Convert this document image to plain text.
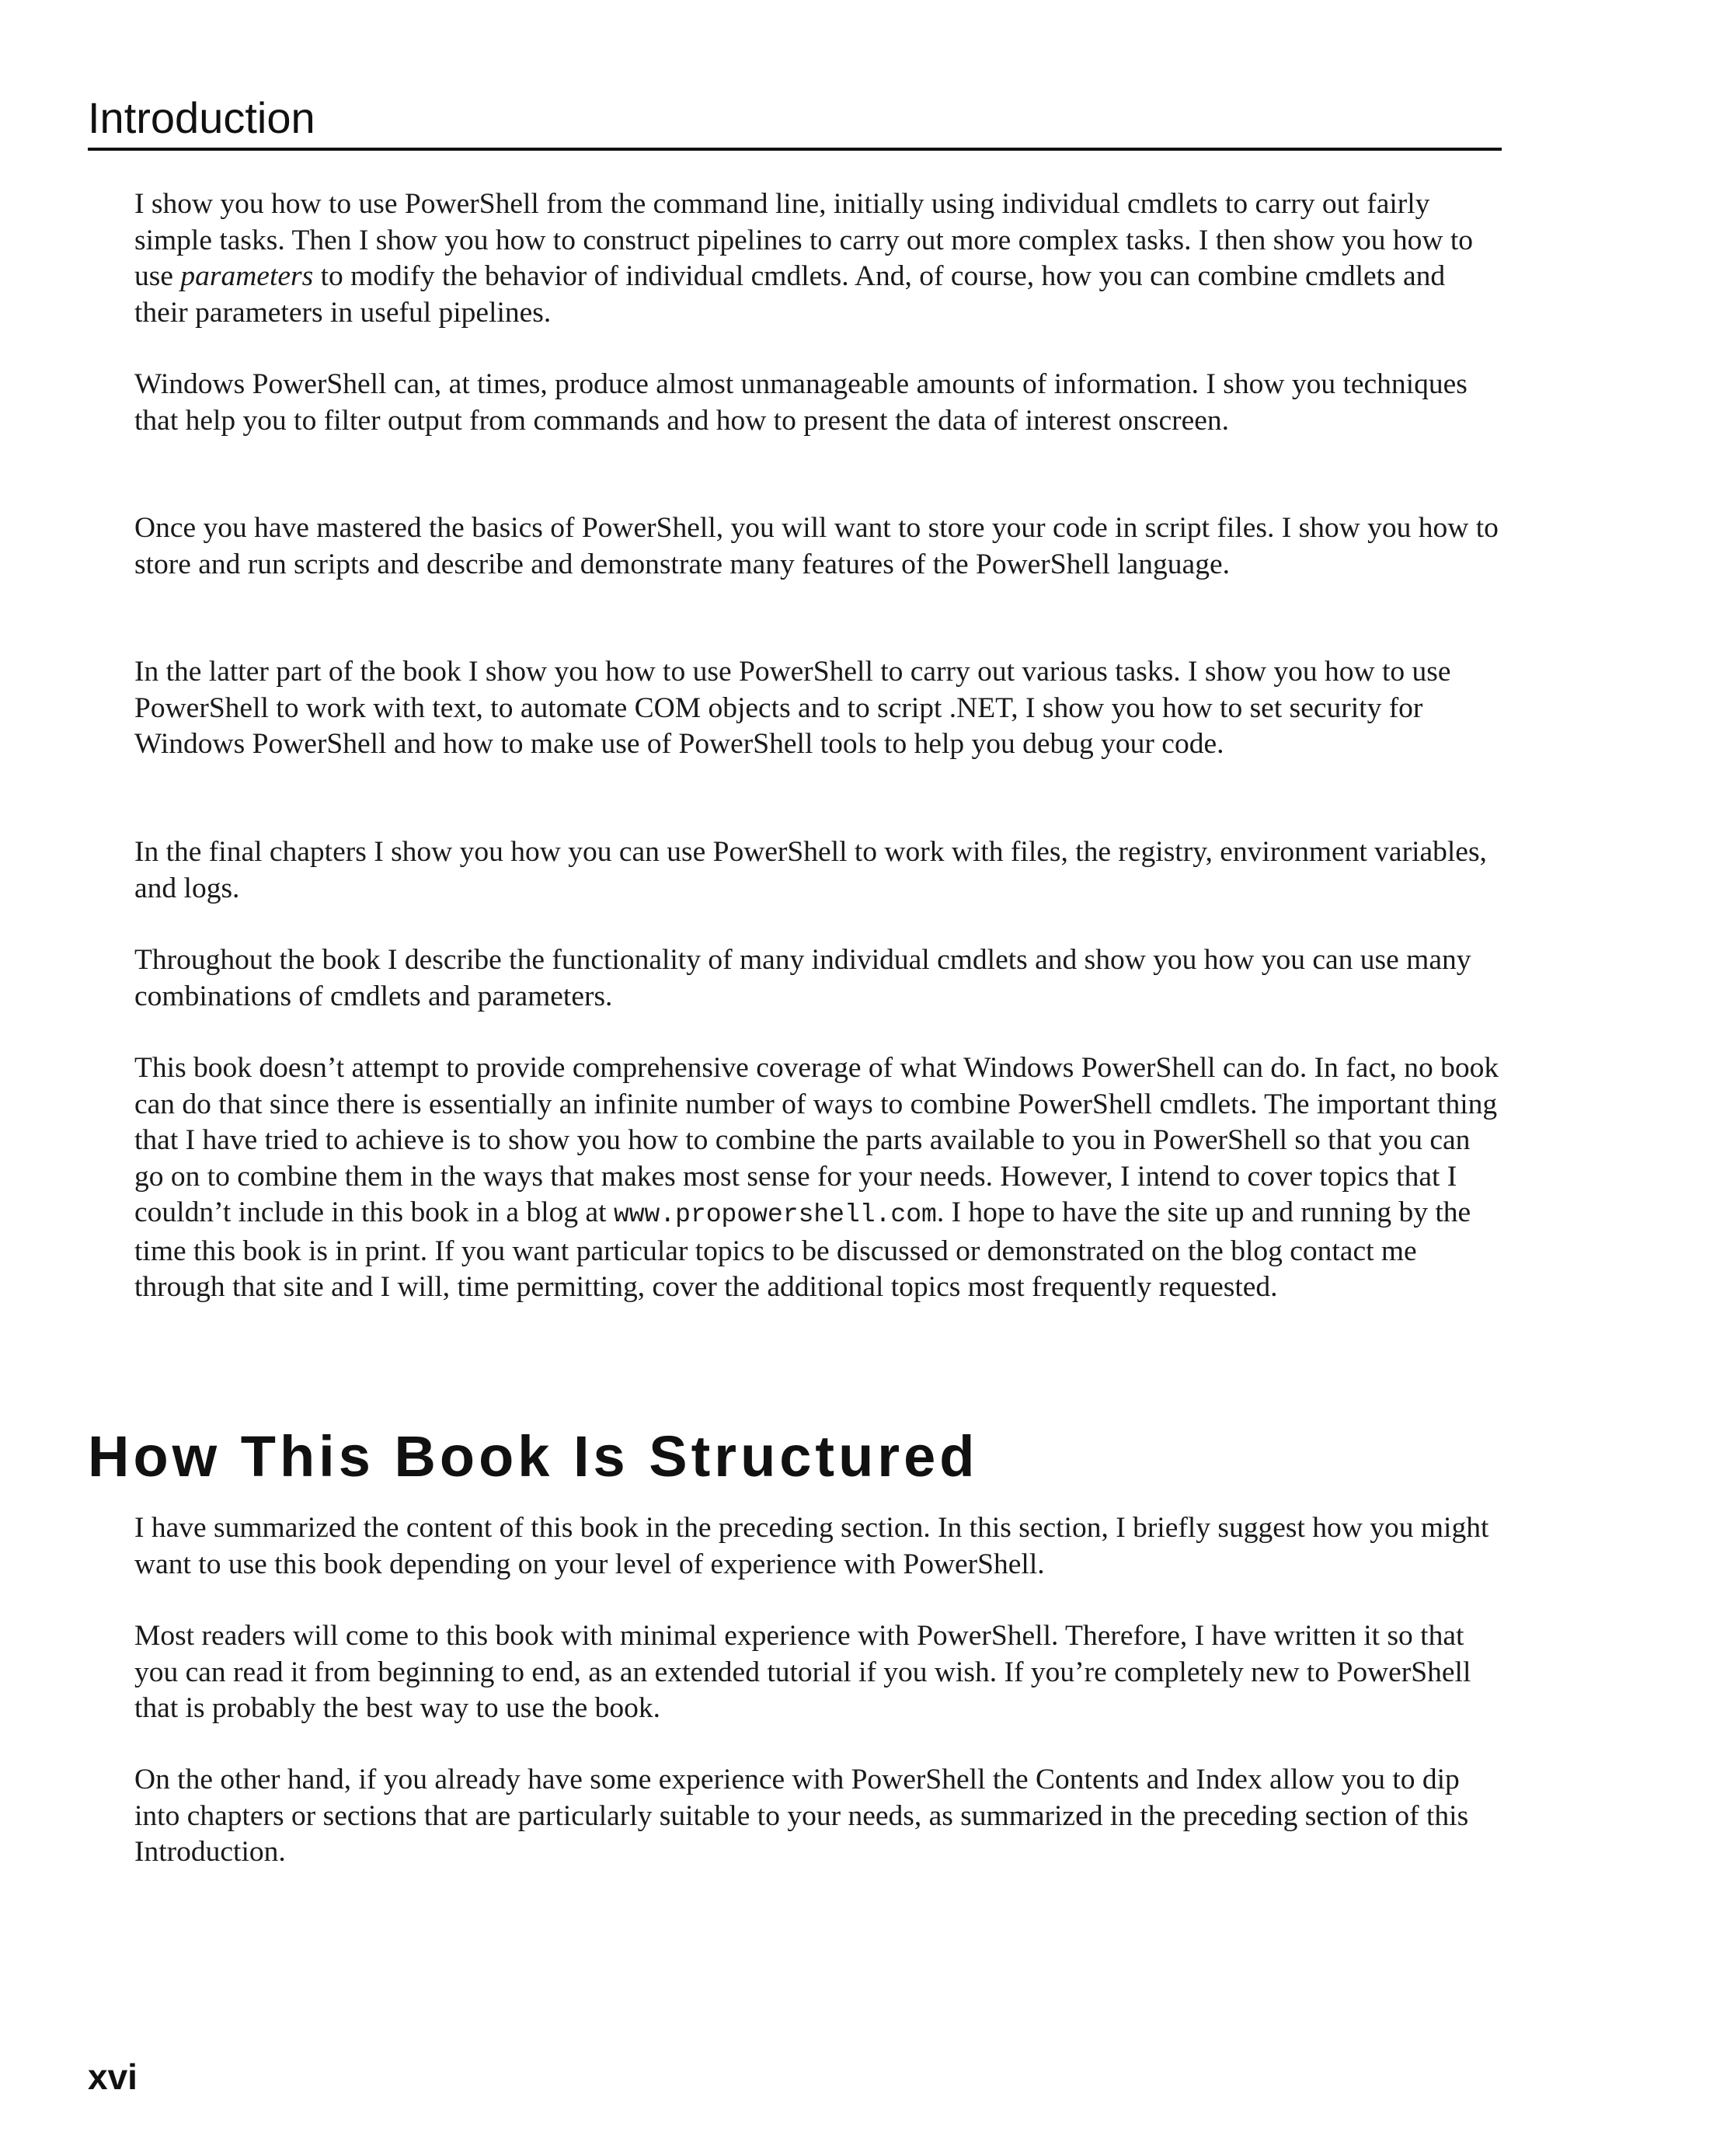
Introduction

I show you how to use PowerShell from the command line, initially using individual cmdlets to carry out fairly simple tasks. Then I show you how to construct pipelines to carry out more complex tasks. I then show you how to use parameters to modify the behavior of individual cmdlets. And, of course, how you can combine cmdlets and their parameters in useful pipelines.

Windows PowerShell can, at times, produce almost unmanageable amounts of information. I show you techniques that help you to filter output from commands and how to present the data of interest onscreen.

Once you have mastered the basics of PowerShell, you will want to store your code in script files. I show you how to store and run scripts and describe and demonstrate many features of the PowerShell language.

In the latter part of the book I show you how to use PowerShell to carry out various tasks. I show you how to use PowerShell to work with text, to automate COM objects and to script .NET, I show you how to set security for Windows PowerShell and how to make use of PowerShell tools to help you debug your code.

In the final chapters I show you how you can use PowerShell to work with files, the registry, environment variables, and logs.

Throughout the book I describe the functionality of many individual cmdlets and show you how you can use many combinations of cmdlets and parameters.

This book doesn’t attempt to provide comprehensive coverage of what Windows PowerShell can do. In fact, no book can do that since there is essentially an infinite number of ways to combine PowerShell cmdlets. The important thing that I have tried to achieve is to show you how to combine the parts available to you in PowerShell so that you can go on to combine them in the ways that makes most sense for your needs. However, I intend to cover topics that I couldn’t include in this book in a blog at www.propowershell.com. I hope to have the site up and running by the time this book is in print. If you want particular topics to be discussed or demonstrated on the blog contact me through that site and I will, time permitting, cover the additional topics most frequently requested.

How This Book Is Structured

I have summarized the content of this book in the preceding section. In this section, I briefly suggest how you might want to use this book depending on your level of experience with PowerShell.

Most readers will come to this book with minimal experience with PowerShell. Therefore, I have written it so that you can read it from beginning to end, as an extended tutorial if you wish. If you’re completely new to PowerShell that is probably the best way to use the book.

On the other hand, if you already have some experience with PowerShell the Contents and Index allow you to dip into chapters or sections that are particularly suitable to your needs, as summarized in the preceding section of this Introduction.

xvi
